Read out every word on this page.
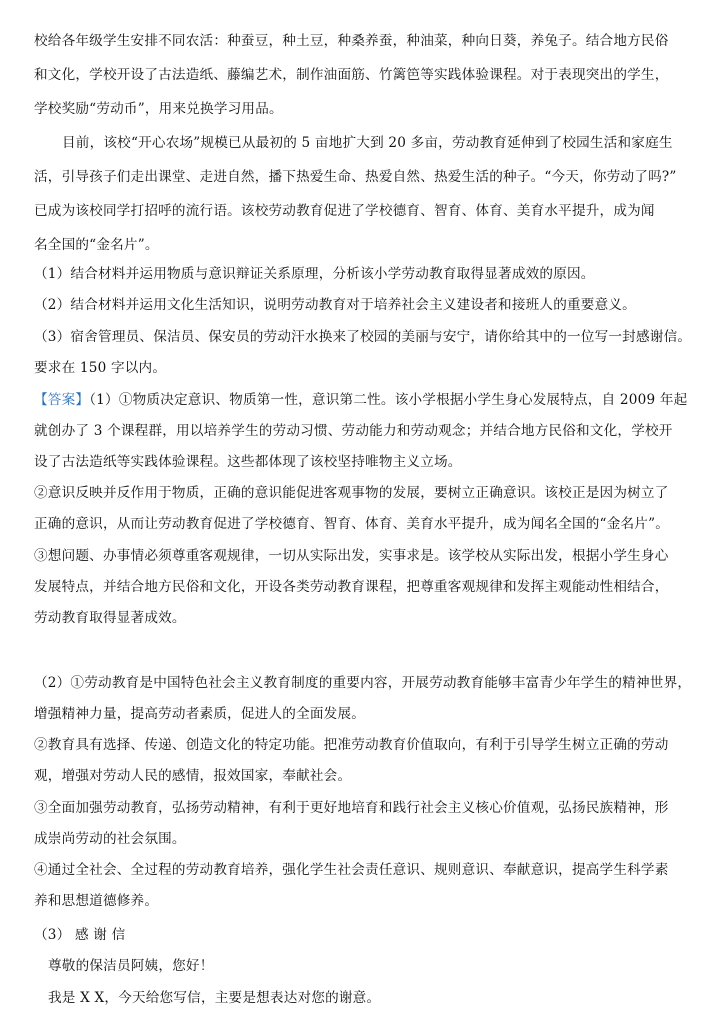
校给各年级学生安排不同农活：种蚕豆，种土豆，种桑养蚕，种油菜，种向日葵，养兔子。结合地方民俗
和文化，学校开设了古法造纸、藤编艺术，制作油面筋、竹篱笆等实践体验课程。对于表现突出的学生，
学校奖励“劳动币”，用来兑换学习用品。
目前，该校“开心农场”规模已从最初的 5 亩地扩大到 20 多亩，劳动教育延伸到了校园生活和家庭生
活，引导孩子们走出课堂、走进自然，播下热爱生命、热爱自然、热爱生活的种子。“今天，你劳动了吗?”
已成为该校同学打招呼的流行语。该校劳动教育促进了学校德育、智育、体育、美育水平提升，成为闻
名全国的“金名片”。
（1）结合材料并运用物质与意识辩证关系原理，分析该小学劳动教育取得显著成效的原因。
（2）结合材料并运用文化生活知识，说明劳动教育对于培养社会主义建设者和接班人的重要意义。
（3）宿舍管理员、保洁员、保安员的劳动汗水换来了校园的美丽与安宁，请你给其中的一位写一封感谢信。
要求在 150 字以内。
【答案】（1）①物质决定意识、物质第一性，意识第二性。该小学根据小学生身心发展特点，自 2009 年起
就创办了 3 个课程群，用以培养学生的劳动习惯、劳动能力和劳动观念；并结合地方民俗和文化，学校开
设了古法造纸等实践体验课程。这些都体现了该校坚持唯物主义立场。
②意识反映并反作用于物质，正确的意识能促进客观事物的发展，要树立正确意识。该校正是因为树立了
正确的意识，从而让劳动教育促进了学校德育、智育、体育、美育水平提升，成为闻名全国的“金名片”。
③想问题、办事情必须尊重客观规律，一切从实际出发，实事求是。该学校从实际出发，根据小学生身心
发展特点，并结合地方民俗和文化，开设各类劳动教育课程，把尊重客观规律和发挥主观能动性相结合，
劳动教育取得显著成效。
（2）①劳动教育是中国特色社会主义教育制度的重要内容，开展劳动教育能够丰富青少年学生的精神世界，
增强精神力量，提高劳动者素质，促进人的全面发展。
②教育具有选择、传递、创造文化的特定功能。把准劳动教育价值取向，有利于引导学生树立正确的劳动
观，增强对劳动人民的感情，报效国家，奉献社会。
③全面加强劳动教育，弘扬劳动精神，有利于更好地培育和践行社会主义核心价值观，弘扬民族精神，形
成崇尚劳动的社会氛围。
④通过全社会、全过程的劳动教育培养，强化学生社会责任意识、规则意识、奉献意识，提高学生科学素
养和思想道德修养。
（3） 感 谢 信
尊敬的保洁员阿姨，您好！
我是 X X，今天给您写信，主要是想表达对您的谢意。
